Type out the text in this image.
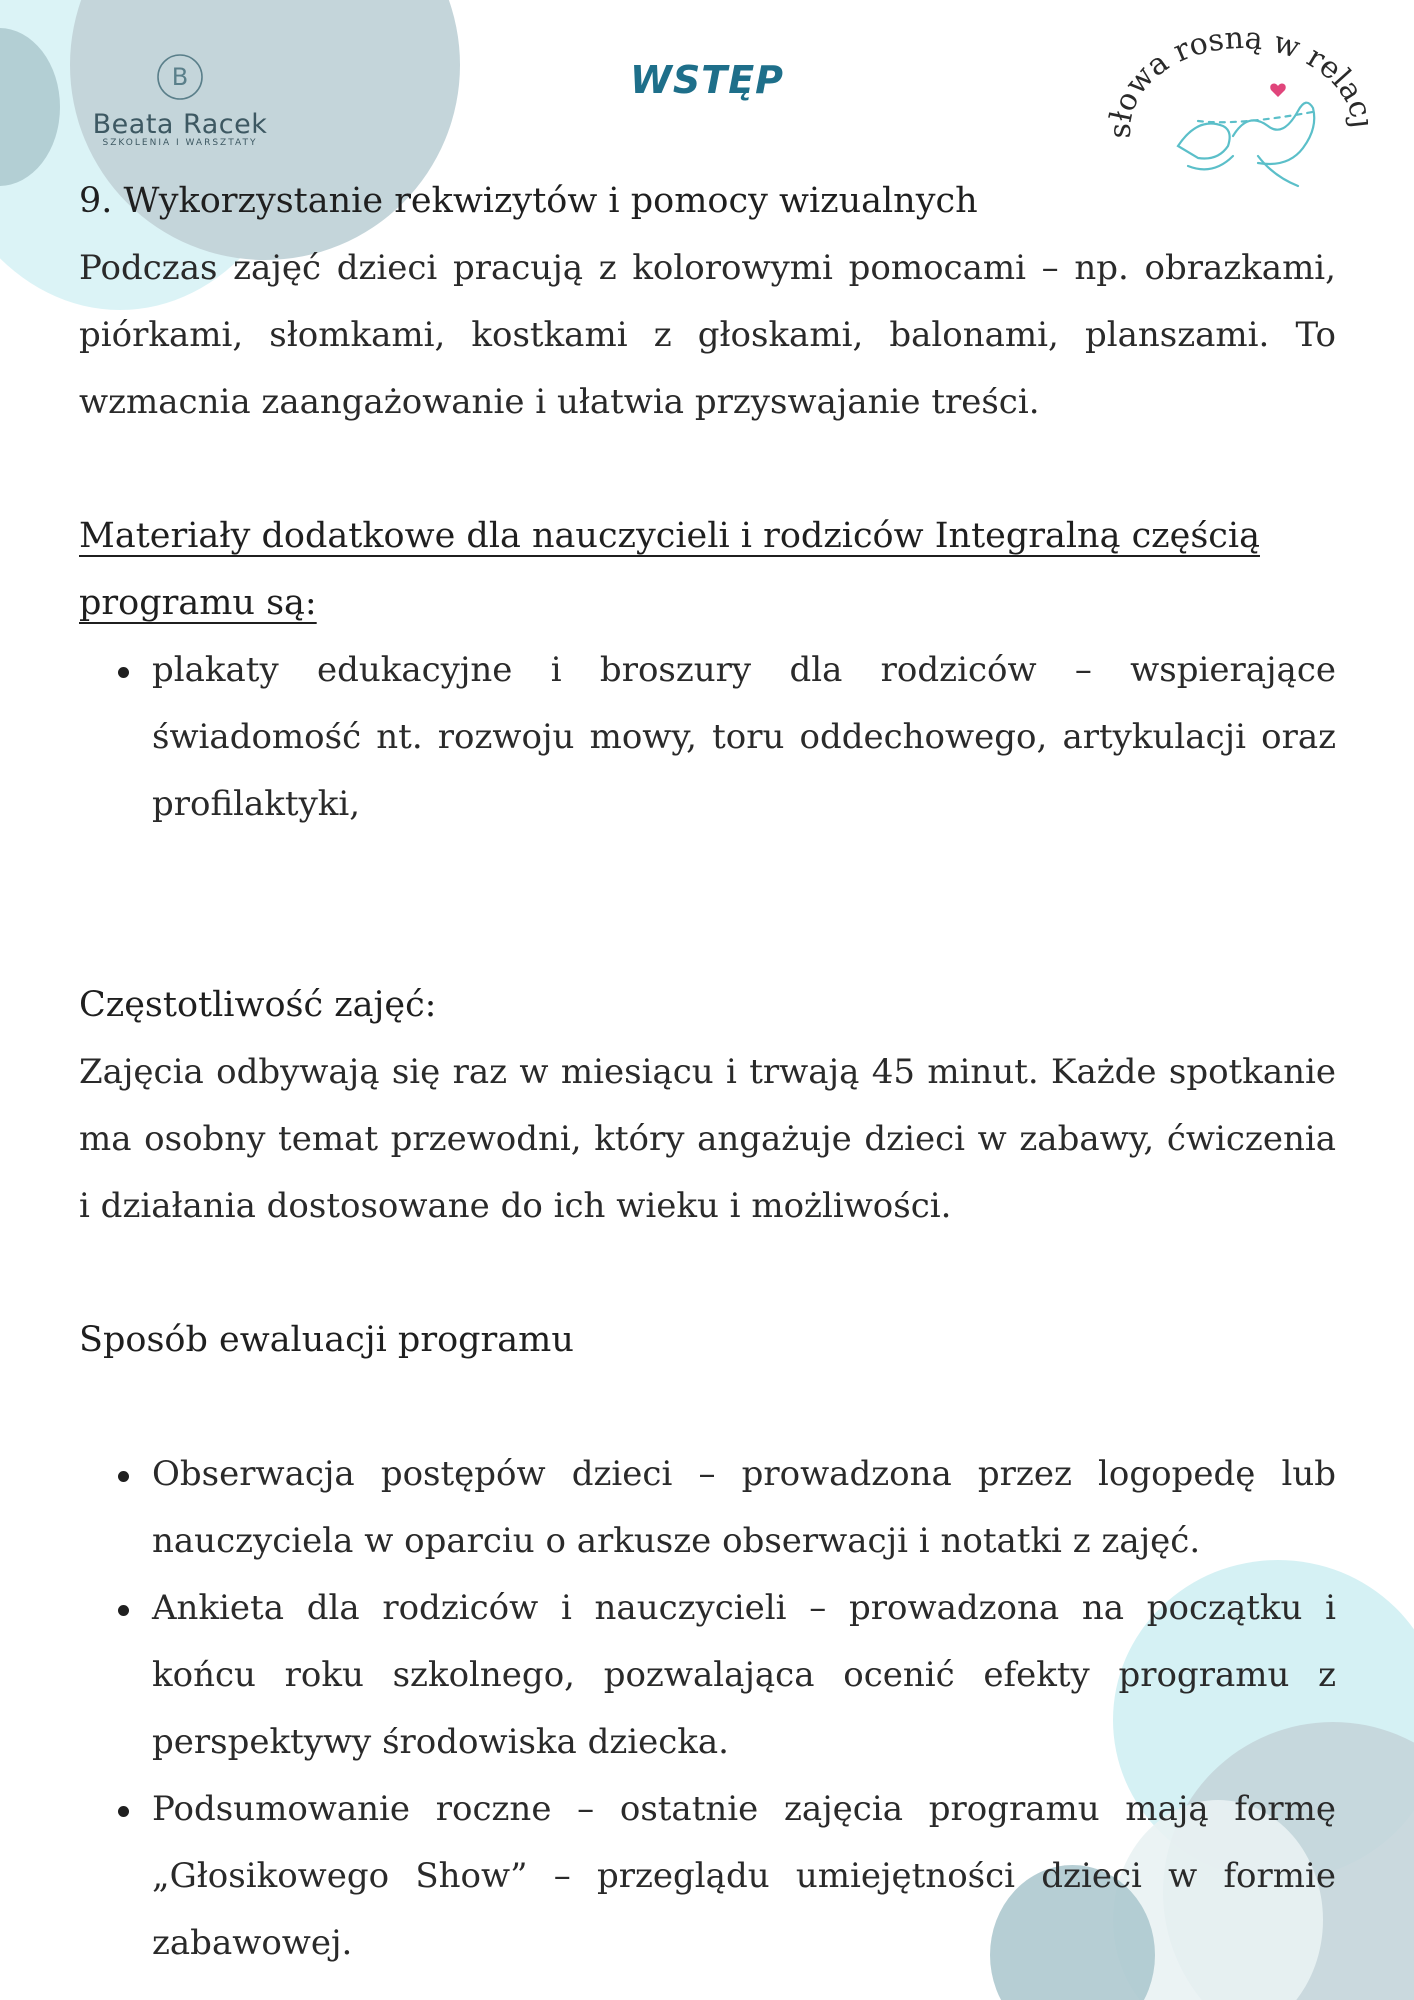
B
Beata Racek
SZKOLENIA I WARSZTATY
WSTĘP	owa rosną w rela

9. Wykorzystanie rekwizytów i pomocy wizualnych

Podczas zajęć dzieci pracują z kolorowymi pomocami – np. obrazkami, piórkami, słomkami, kostkami z głoskami, balonami, planszami. To wzmacnia zaangażowanie i ułatwia przyswajanie treści.

Materiały dodatkowe dla nauczycieli i rodziców Integralną częścią programu są:

plakaty edukacyjne i broszury dla rodziców – wspierające świadomość nt. rozwoju mowy, toru oddechowego, artykulacji oraz profilaktyki,

Częstotliwość zajęć:

Zajęcia odbywają się raz w miesiącu i trwają 45 minut. Każde spotkanie ma osobny temat przewodni, który angażuje dzieci w zabawy, ćwiczenia i działania dostosowane do ich wieku i możliwości.

Sposób ewaluacji programu

Obserwacja postępów dzieci – prowadzona przez logopedę lub nauczyciela w oparciu o arkusze obserwacji i notatki z zajęć.
Ankieta dla rodziców i nauczycieli – prowadzona na początku i końcu roku szkolnego, pozwalająca ocenić efekty programu z perspektywy środowiska dziecka.
Podsumowanie roczne – ostatnie zajęcia programu mają formę „Głosikowego Show” – przeglądu umiejętności dzieci w formie zabawowej.
